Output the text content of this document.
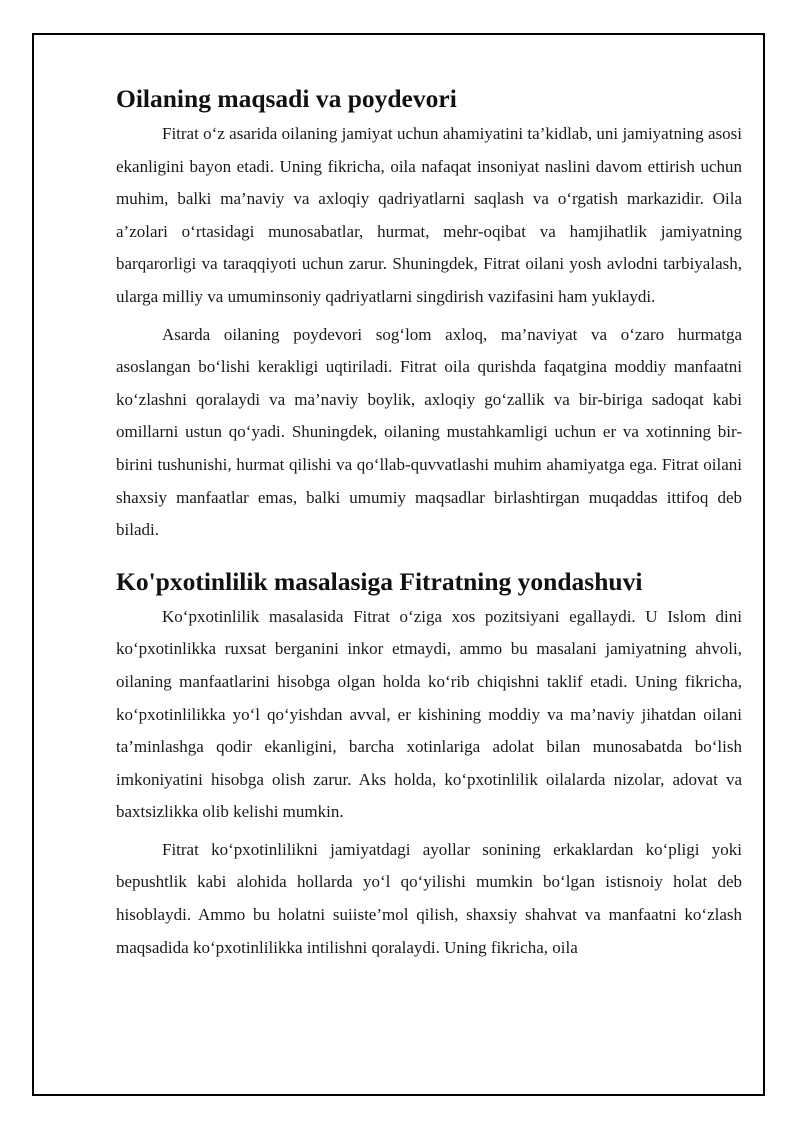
Oilaning maqsadi va poydevori

Fitrat o‘z asarida oilaning jamiyat uchun ahamiyatini ta’kidlab, uni jamiyatning asosi ekanligini bayon etadi. Uning fikricha, oila nafaqat insoniyat naslini davom ettirish uchun muhim, balki ma’naviy va axloqiy qadriyatlarni saqlash va o‘rgatish markazidir. Oila a’zolari o‘rtasidagi munosabatlar, hurmat, mehr-oqibat va hamjihatlik jamiyatning barqarorligi va taraqqiyoti uchun zarur. Shuningdek, Fitrat oilani yosh avlodni tarbiyalash, ularga milliy va umuminsoniy qadriyatlarni singdirish vazifasini ham yuklaydi.

Asarda oilaning poydevori sog‘lom axloq, ma’naviyat va o‘zaro hurmatga asoslangan bo‘lishi kerakligi uqtiriladi. Fitrat oila qurishda faqatgina moddiy manfaatni ko‘zlashni qoralaydi va ma’naviy boylik, axloqiy go‘zallik va bir-biriga sadoqat kabi omillarni ustun qo‘yadi. Shuningdek, oilaning mustahkamligi uchun er va xotinning bir-birini tushunishi, hurmat qilishi va qo‘llab-quvvatlashi muhim ahamiyatga ega. Fitrat oilani shaxsiy manfaatlar emas, balki umumiy maqsadlar birlashtirgan muqaddas ittifoq deb biladi.

Ko'pxotinlilik masalasiga Fitratning yondashuvi

Ko‘pxotinlilik masalasida Fitrat o‘ziga xos pozitsiyani egallaydi. U Islom dini ko‘pxotinlikka ruxsat berganini inkor etmaydi, ammo bu masalani jamiyatning ahvoli, oilaning manfaatlarini hisobga olgan holda ko‘rib chiqishni taklif etadi. Uning fikricha, ko‘pxotinlilikka yo‘l qo‘yishdan avval, er kishining moddiy va ma’naviy jihatdan oilani ta’minlashga qodir ekanligini, barcha xotinlariga adolat bilan munosabatda bo‘lish imkoniyatini hisobga olish zarur. Aks holda, ko‘pxotinlilik oilalarda nizolar, adovat va baxtsizlikka olib kelishi mumkin.

Fitrat ko‘pxotinlilikni jamiyatdagi ayollar sonining erkaklardan ko‘pligi yoki bepushtlik kabi alohida hollarda yo‘l qo‘yilishi mumkin bo‘lgan istisnoiy holat deb hisoblaydi. Ammo bu holatni suiiste’mol qilish, shaxsiy shahvat va manfaatni ko‘zlash maqsadida ko‘pxotinlilikka intilishni qoralaydi. Uning fikricha, oila
